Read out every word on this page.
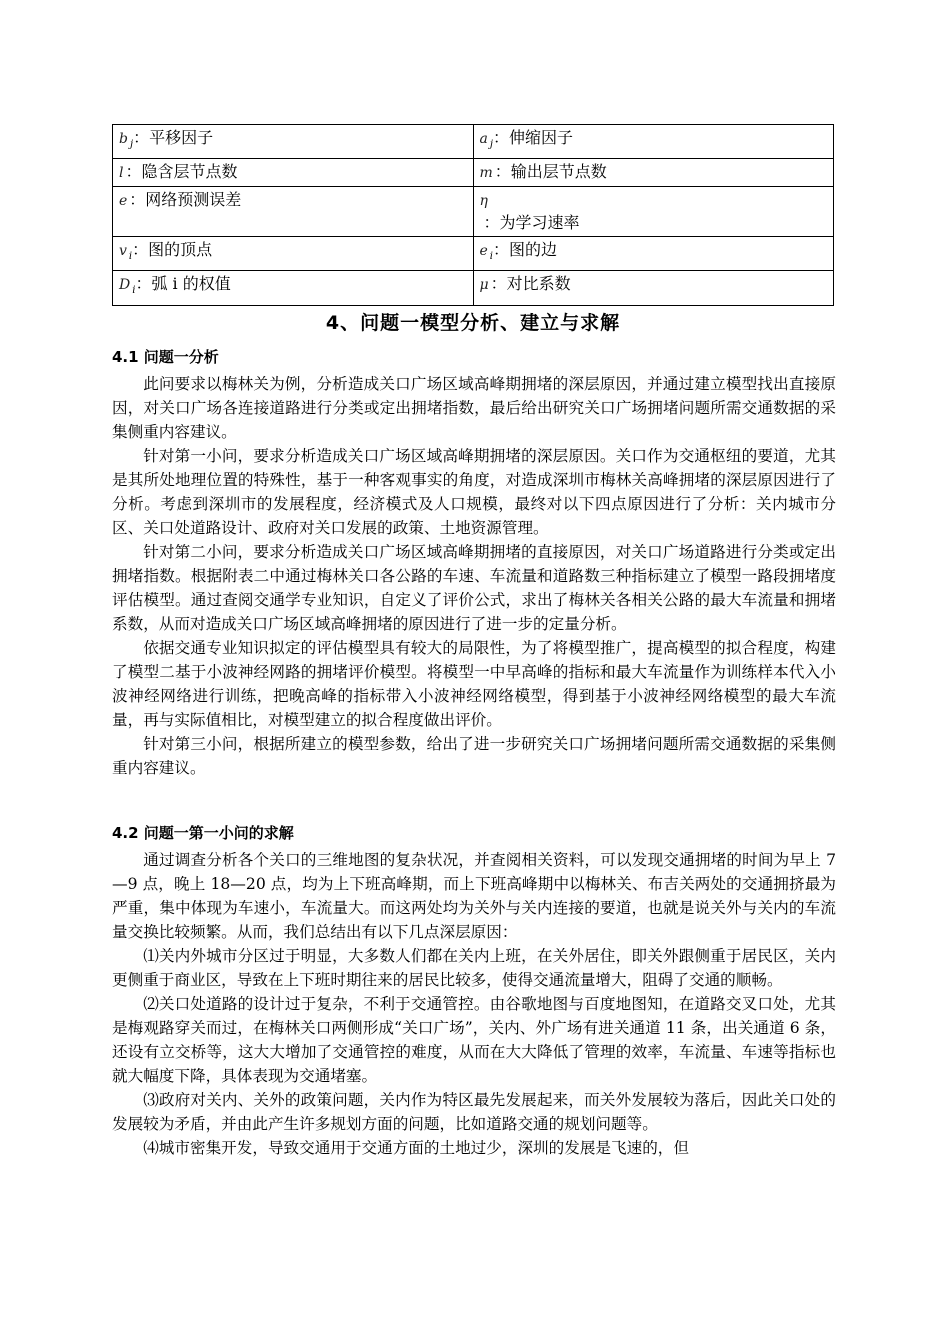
b $_j$：平移因子	a $_j$：伸缩因子
l ：隐含层节点数	m ：输出层节点数
e ：网络预测误差	η
：为学习速率

v $_i$：图的顶点	e $_i$：图的边
D $_i$：弧 i 的权值	μ ：对比系数
4、问题一模型分析、建立与求解
4.1 问题一分析

此问要求以梅林关为例，分析造成关口广场区域高峰期拥堵的深层原因，并通过建立模型找出直接原因，对关口广场各连接道路进行分类或定出拥堵指数，最后给出研究关口广场拥堵问题所需交通数据的采集侧重内容建议。

针对第一小问，要求分析造成关口广场区域高峰期拥堵的深层原因。关口作为交通枢纽的要道，尤其是其所处地理位置的特殊性，基于一种客观事实的角度，对造成深圳市梅林关高峰拥堵的深层原因进行了分析。考虑到深圳市的发展程度，经济模式及人口规模，最终对以下四点原因进行了分析：关内城市分区、关口处道路设计、政府对关口发展的政策、土地资源管理。

针对第二小问，要求分析造成关口广场区域高峰期拥堵的直接原因，对关口广场道路进行分类或定出拥堵指数。根据附表二中通过梅林关口各公路的车速、车流量和道路数三种指标建立了模型一路段拥堵度评估模型。通过查阅交通学专业知识，自定义了评价公式，求出了梅林关各相关公路的最大车流量和拥堵系数，从而对造成关口广场区域高峰拥堵的原因进行了进一步的定量分析。

依据交通专业知识拟定的评估模型具有较大的局限性，为了将模型推广，提高模型的拟合程度，构建了模型二基于小波神经网路的拥堵评价模型。将模型一中早高峰的指标和最大车流量作为训练样本代入小波神经网络进行训练，把晚高峰的指标带入小波神经网络模型，得到基于小波神经网络模型的最大车流量，再与实际值相比，对模型建立的拟合程度做出评价。

针对第三小问，根据所建立的模型参数，给出了进一步研究关口广场拥堵问题所需交通数据的采集侧重内容建议。

4.2 问题一第一小问的求解

通过调查分析各个关口的三维地图的复杂状况，并查阅相关资料，可以发现交通拥堵的时间为早上 7—9 点，晚上 18—20 点，均为上下班高峰期，而上下班高峰期中以梅林关、布吉关两处的交通拥挤最为严重，集中体现为车速小，车流量大。而这两处均为关外与关内连接的要道，也就是说关外与关内的车流量交换比较频繁。从而，我们总结出有以下几点深层原因：

⑴关内外城市分区过于明显，大多数人们都在关内上班，在关外居住，即关外跟侧重于居民区，关内更侧重于商业区，导致在上下班时期往来的居民比较多，使得交通流量增大，阻碍了交通的顺畅。

⑵关口处道路的设计过于复杂，不利于交通管控。由谷歌地图与百度地图知，在道路交叉口处，尤其是梅观路穿关而过，在梅林关口两侧形成“关口广场”，关内、外广场有进关通道 11 条，出关通道 6 条，还设有立交桥等，这大大增加了交通管控的难度，从而在大大降低了管理的效率，车流量、车速等指标也就大幅度下降，具体表现为交通堵塞。

⑶政府对关内、关外的政策问题，关内作为特区最先发展起来，而关外发展较为落后，因此关口处的发展较为矛盾，并由此产生许多规划方面的问题，比如道路交通的规划问题等。

⑷城市密集开发，导致交通用于交通方面的土地过少，深圳的发展是飞速的，但
